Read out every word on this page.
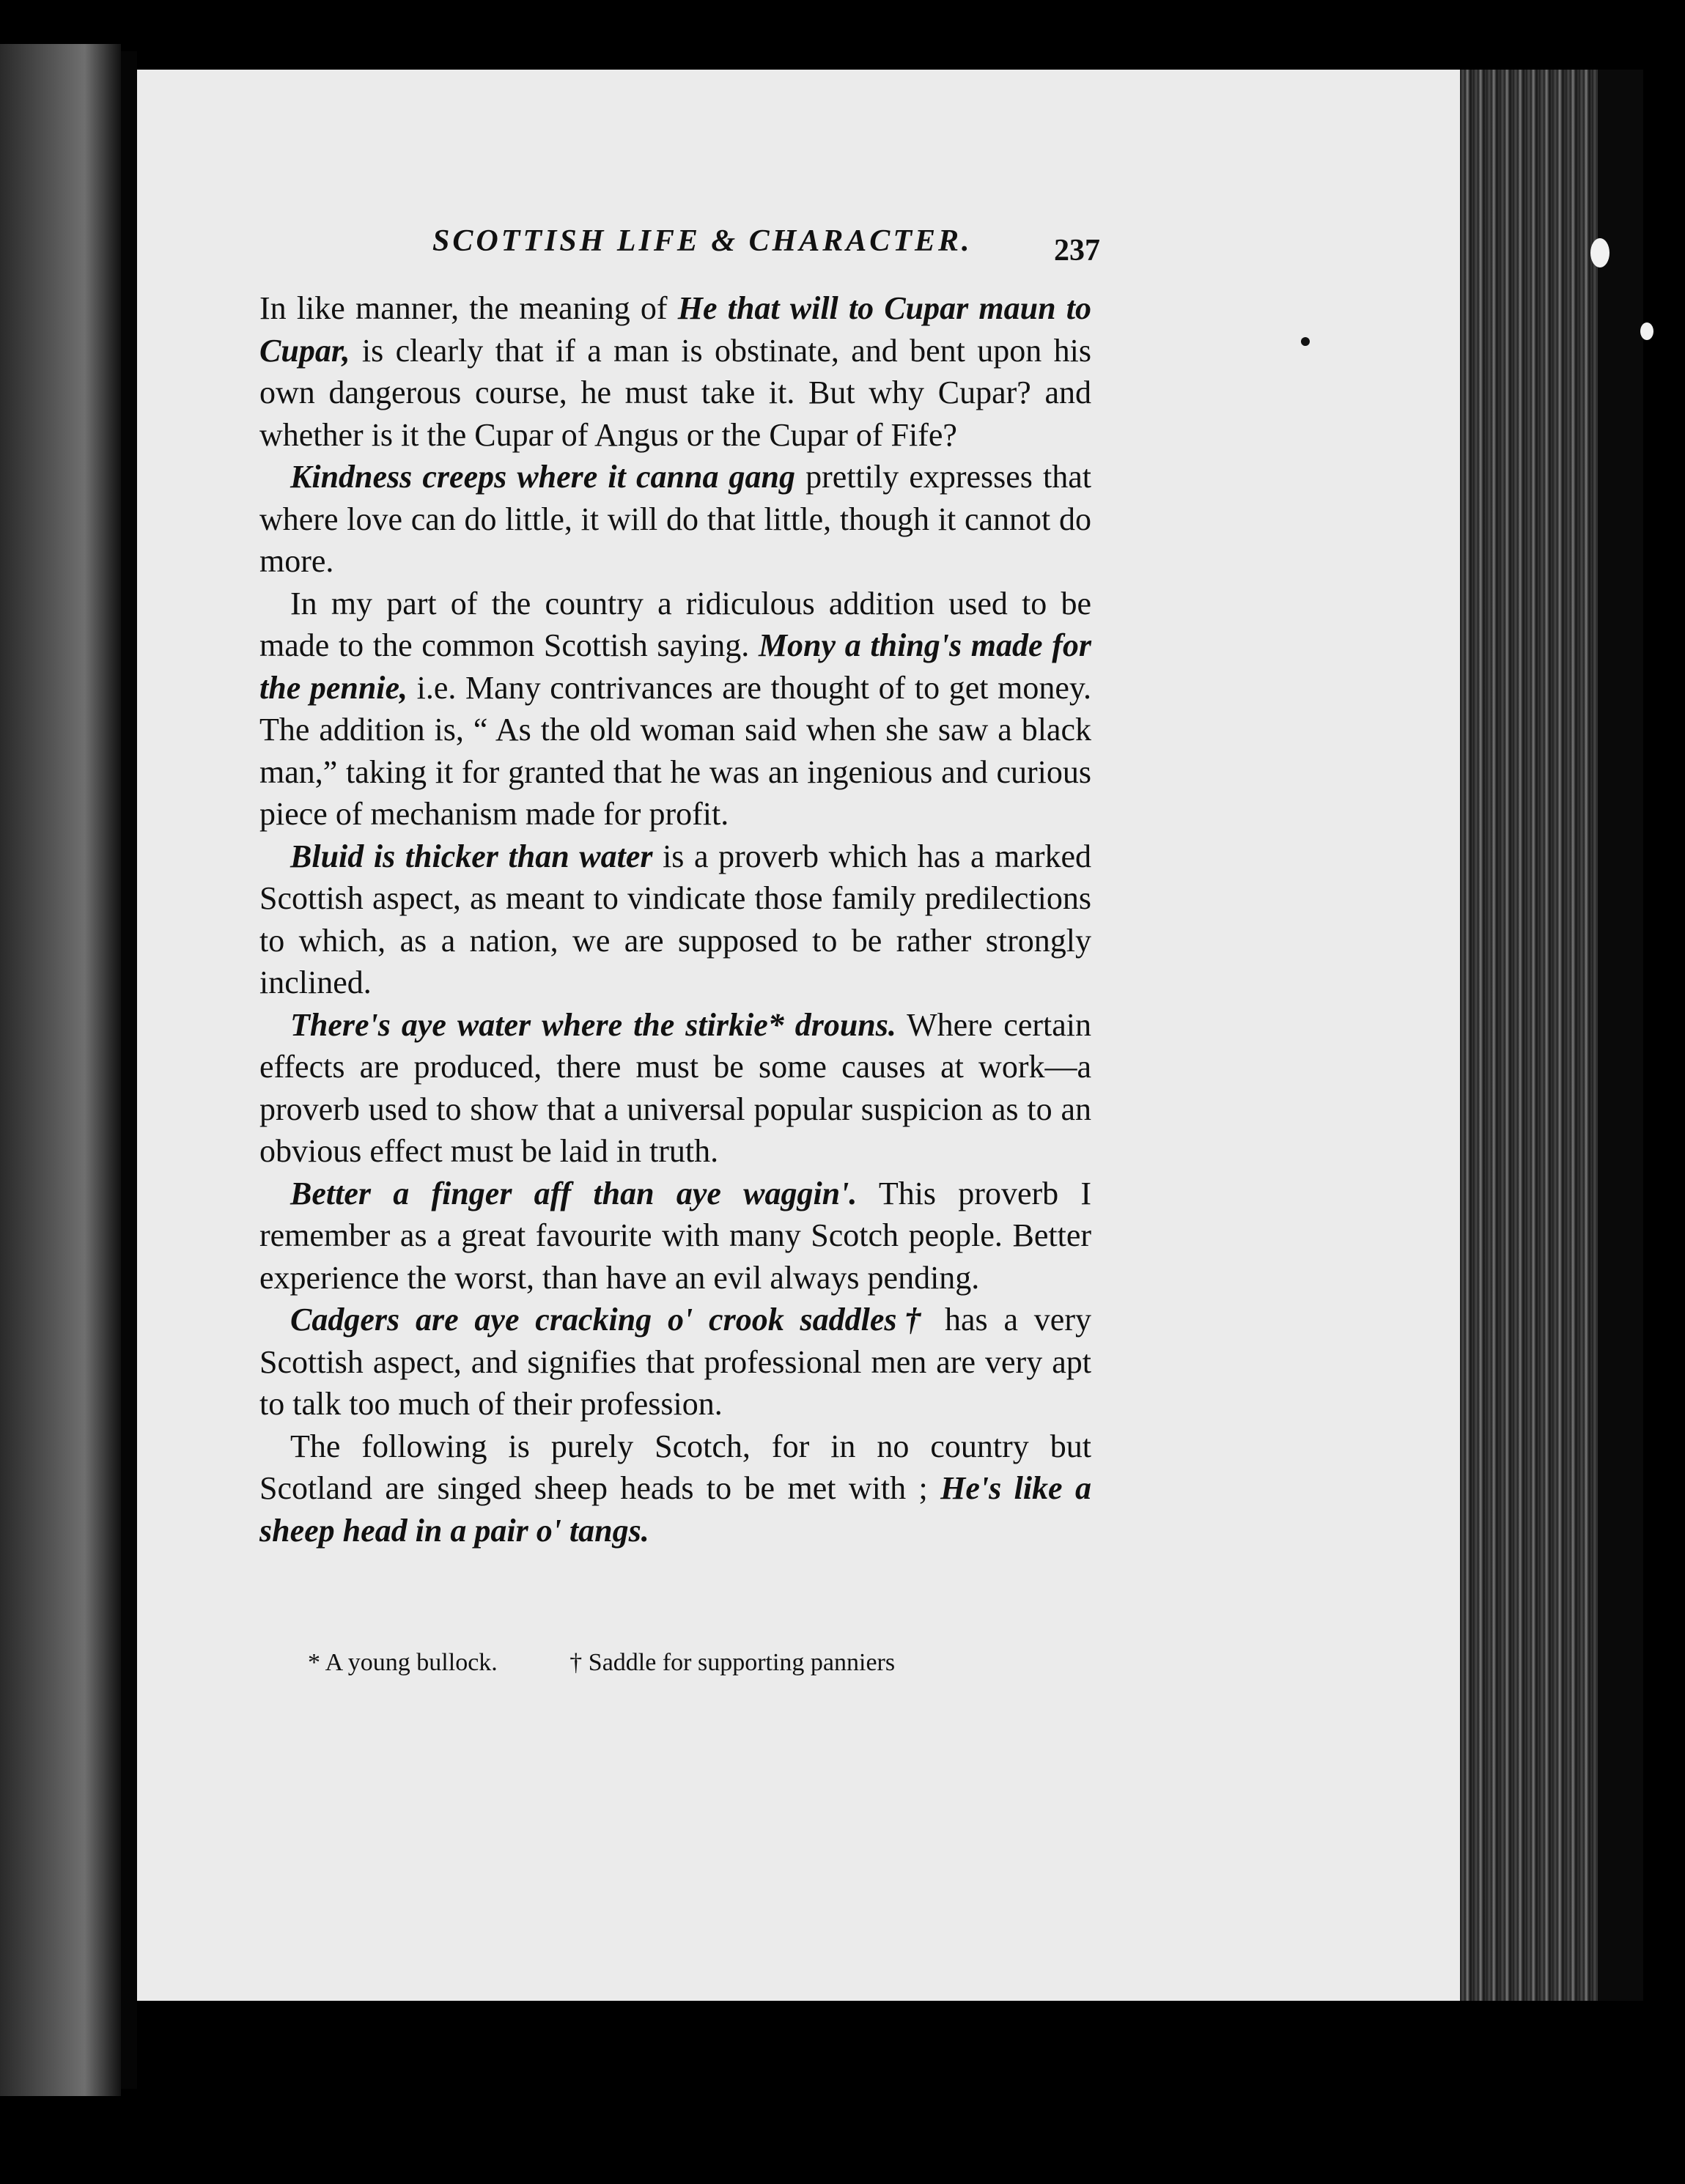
SCOTTISH LIFE & CHARACTER.	237

In like manner, the meaning of He that will to Cupar maun to Cupar, is clearly that if a man is obstinate, and bent upon his own dangerous course, he must take it. But why Cupar? and whether is it the Cupar of Angus or the Cupar of Fife?

Kindness creeps where it canna gang prettily expresses that where love can do little, it will do that little, though it cannot do more.

In my part of the country a ridiculous addition used to be made to the common Scottish saying. Mony a thing's made for the pennie, i.e. Many contrivances are thought of to get money. The addition is, “ As the old woman said when she saw a black man,” taking it for granted that he was an ingenious and curious piece of mechanism made for profit.

Bluid is thicker than water is a proverb which has a marked Scottish aspect, as meant to vindicate those family predilections to which, as a nation, we are supposed to be rather strongly inclined.

There's aye water where the stirkie* drouns. Where certain effects are produced, there must be some causes at work—a proverb used to show that a universal popular suspicion as to an obvious effect must be laid in truth.

Better a finger aff than aye waggin'. This proverb I remember as a great favourite with many Scotch people. Better experience the worst, than have an evil always pending.

Cadgers are aye cracking o' crook saddles† has a very Scottish aspect, and signifies that professional men are very apt to talk too much of their profession.

The following is purely Scotch, for in no country but Scotland are singed sheep heads to be met with ; He's like a sheep head in a pair o' tangs.

* A young bullock.	† Saddle for supporting panniers
